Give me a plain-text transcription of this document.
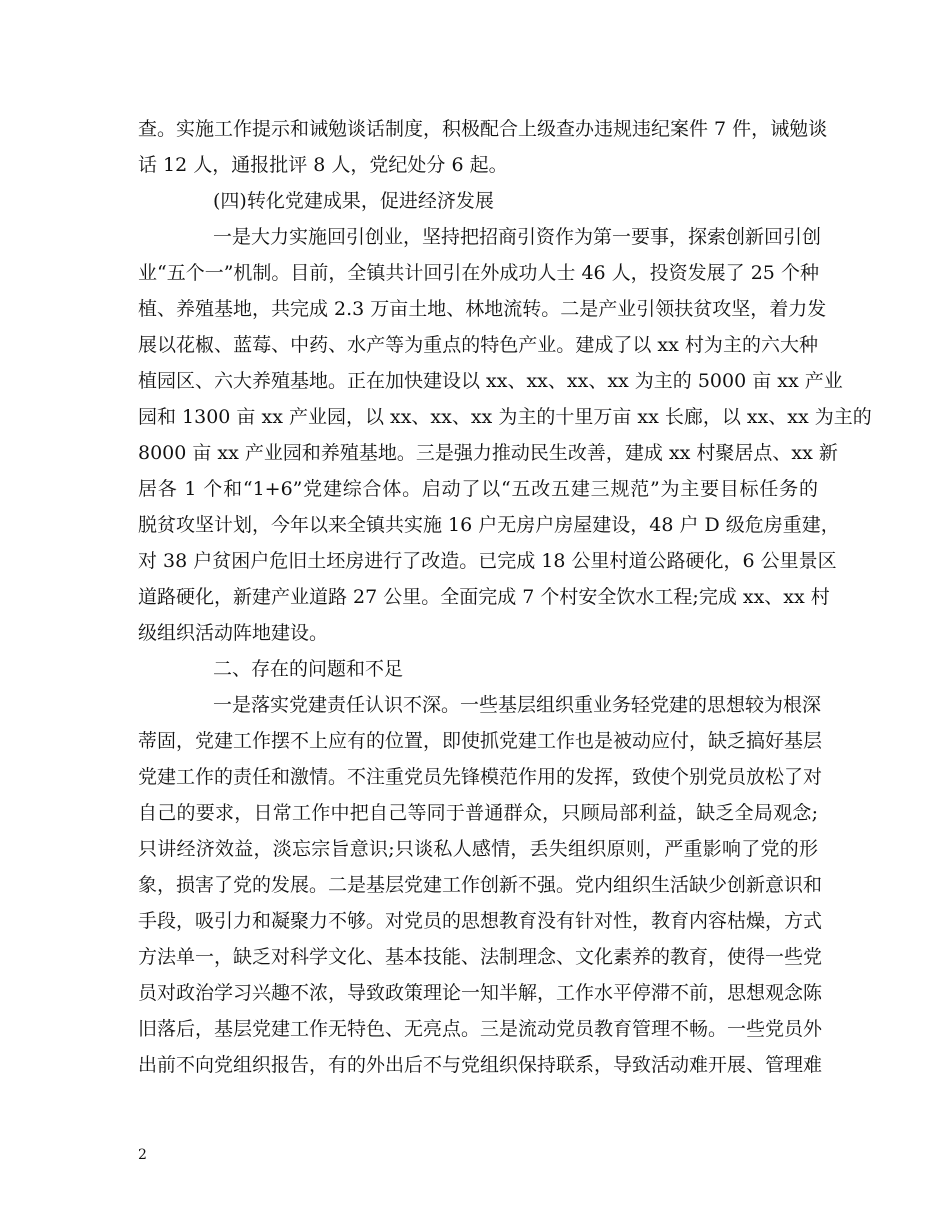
查。实施工作提示和诫勉谈话制度，积极配合上级查办违规违纪案件 7 件，诫勉谈
话 12 人，通报批评 8 人，党纪处分 6 起。
(四)转化党建成果，促进经济发展
一是大力实施回引创业，坚持把招商引资作为第一要事，探索创新回引创
业“五个一”机制。目前，全镇共计回引在外成功人士 46 人，投资发展了 25 个种
植、养殖基地，共完成 2.3 万亩土地、林地流转。二是产业引领扶贫攻坚，着力发
展以花椒、蓝莓、中药、水产等为重点的特色产业。建成了以 xx 村为主的六大种
植园区、六大养殖基地。正在加快建设以 xx、xx、xx、xx 为主的 5000 亩 xx 产业
园和 1300 亩 xx 产业园，以 xx、xx、xx 为主的十里万亩 xx 长廊，以 xx、xx 为主的
8000 亩 xx 产业园和养殖基地。三是强力推动民生改善，建成 xx 村聚居点、xx 新
居各 1 个和“1+6”党建综合体。启动了以“五改五建三规范”为主要目标任务的
脱贫攻坚计划，今年以来全镇共实施 16 户无房户房屋建设，48 户 D 级危房重建，
对 38 户贫困户危旧土坯房进行了改造。已完成 18 公里村道公路硬化，6 公里景区
道路硬化，新建产业道路 27 公里。全面完成 7 个村安全饮水工程;完成 xx、xx 村
级组织活动阵地建设。
二、存在的问题和不足
一是落实党建责任认识不深。一些基层组织重业务轻党建的思想较为根深
蒂固，党建工作摆不上应有的位置，即使抓党建工作也是被动应付，缺乏搞好基层
党建工作的责任和激情。不注重党员先锋模范作用的发挥，致使个别党员放松了对
自己的要求，日常工作中把自己等同于普通群众，只顾局部利益，缺乏全局观念;
只讲经济效益，淡忘宗旨意识;只谈私人感情，丢失组织原则，严重影响了党的形
象，损害了党的发展。二是基层党建工作创新不强。党内组织生活缺少创新意识和
手段，吸引力和凝聚力不够。对党员的思想教育没有针对性，教育内容枯燥，方式
方法单一，缺乏对科学文化、基本技能、法制理念、文化素养的教育，使得一些党
员对政治学习兴趣不浓，导致政策理论一知半解，工作水平停滞不前，思想观念陈
旧落后，基层党建工作无特色、无亮点。三是流动党员教育管理不畅。一些党员外
出前不向党组织报告，有的外出后不与党组织保持联系，导致活动难开展、管理难
2
